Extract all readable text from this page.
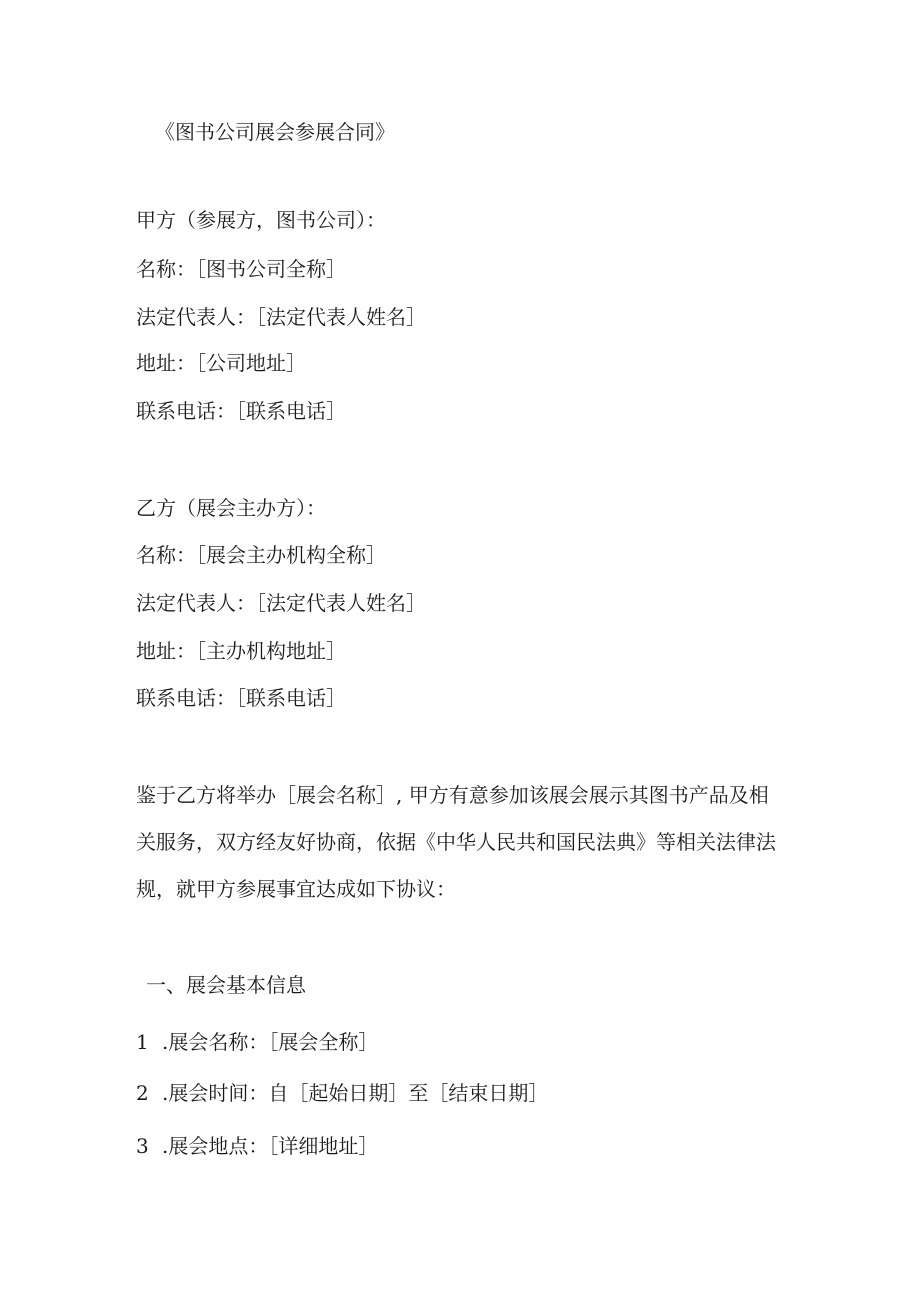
《图书公司展会参展合同》
甲方（参展方，图书公司）：
名称：［图书公司全称］
法定代表人：［法定代表人姓名］
地址：［公司地址］
联系电话：［联系电话］
乙方（展会主办方）：
名称：［展会主办机构全称］
法定代表人：［法定代表人姓名］
地址：［主办机构地址］
联系电话：［联系电话］
鉴于乙方将举办［展会名称］, 甲方有意参加该展会展示其图书产品及相
关服务，双方经友好协商，依据《中华人民共和国民法典》等相关法律法
规，就甲方参展事宜达成如下协议：
一、展会基本信息
1 .展会名称：［展会全称］
2 .展会时间：自［起始日期］至［结束日期］
3 .展会地点：［详细地址］
